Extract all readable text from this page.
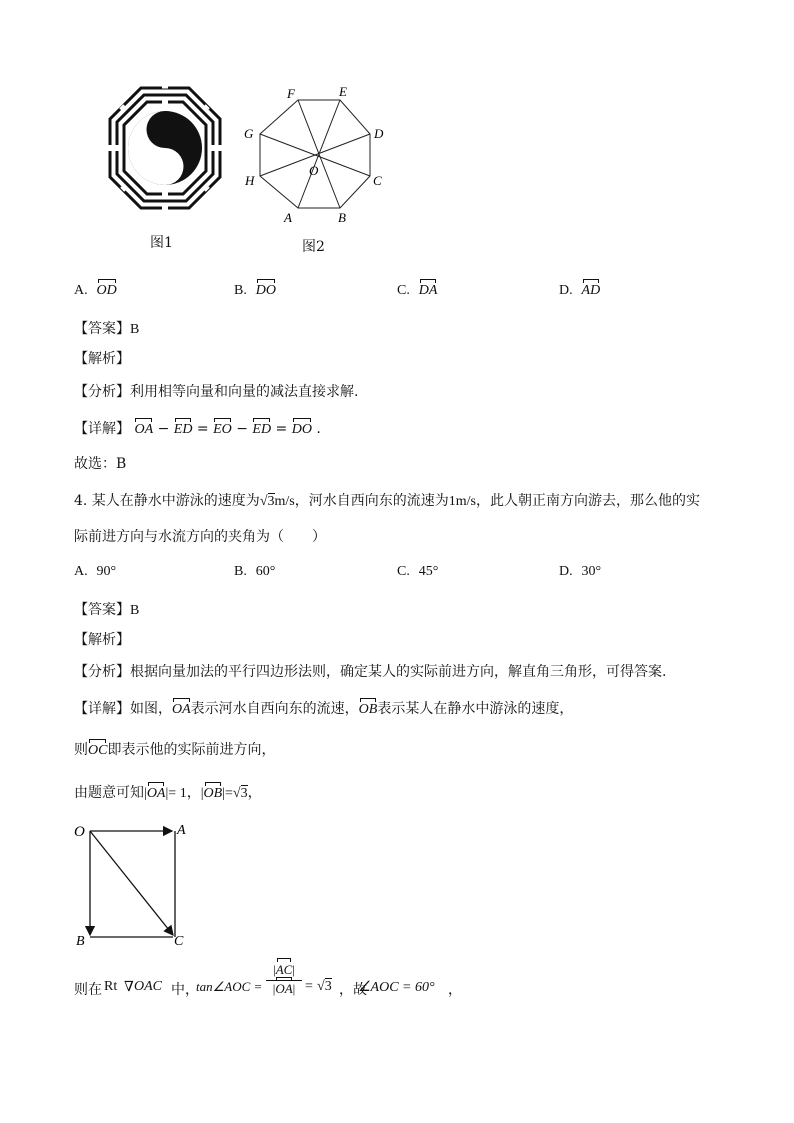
图1
F	E
D
C
B
A
H
G
O
图2
A. OD	B. DO	C. DA	D. AD
【答案】B
【解析】
【分析】利用相等向量和向量的减法直接求解.
【详解】 OA − ED = EO − ED = DO .
故选：B
4. 某人在静水中游泳的速度为√3m/s，河水自西向东的流速为1m/s，此人朝正南方向游去，那么他的实
际前进方向与水流方向的夹角为（　　）
A. 90°	B. 60°	C. 45°	D. 30°
【答案】B
【解析】
【分析】根据向量加法的平行四边形法则，确定某人的实际前进方向，解直角三角形，可得答案.
【详解】如图，OA表示河水自西向东的流速，OB表示某人在静水中游泳的速度，
则OC即表示他的实际前进方向，
由题意可知|OA|= 1，|OB|=√3，
O	A
B	C
则在 Rt ∇ OAC 中，
tan∠AOC =
|AC|
|OA| = √3 ，故
∠AOC = 60° ，
